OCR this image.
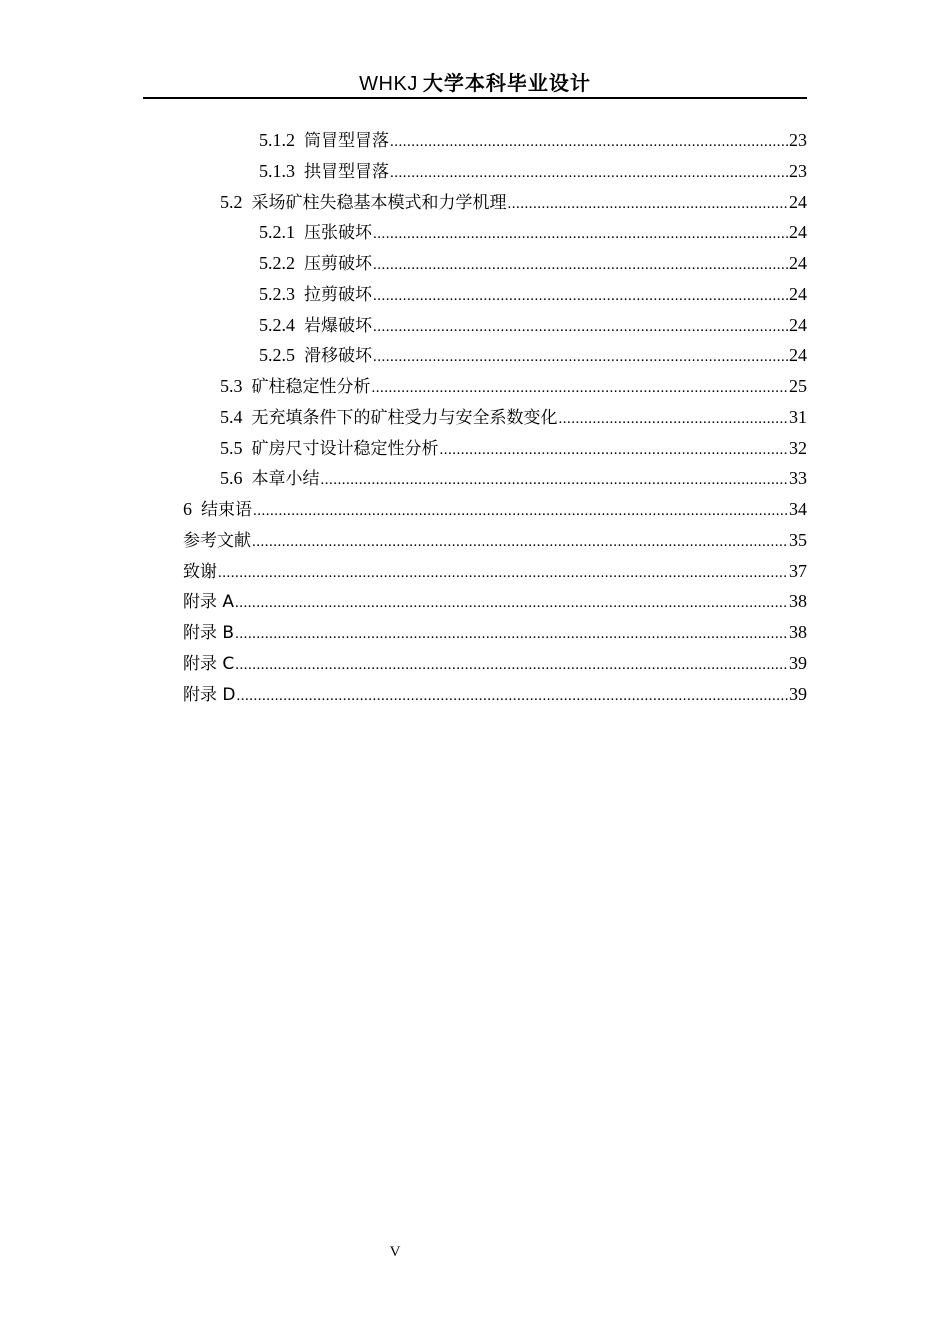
WHKJ 大学本科毕业设计
5.1.2 筒冒型冒落 .....	23
5.1.3 拱冒型冒落 .....	23
5.2 采场矿柱失稳基本模式和力学机理 .....	24
5.2.1 压张破坏 .....	24
5.2.2 压剪破坏 .....	24
5.2.3 拉剪破坏 .....	24
5.2.4 岩爆破坏 .....	24
5.2.5 滑移破坏 .....	24
5.3 矿柱稳定性分析 .....	25
5.4 无充填条件下的矿柱受力与安全系数变化 .....	31
5.5 矿房尺寸设计稳定性分析 .....	32
5.6 本章小结 .....	33
6 结束语 .....	34
参考文献 .....	35
致谢 .....	37
附录 A .....	38
附录 B .....	38
附录 C .....	39
附录 D .....	39
V
